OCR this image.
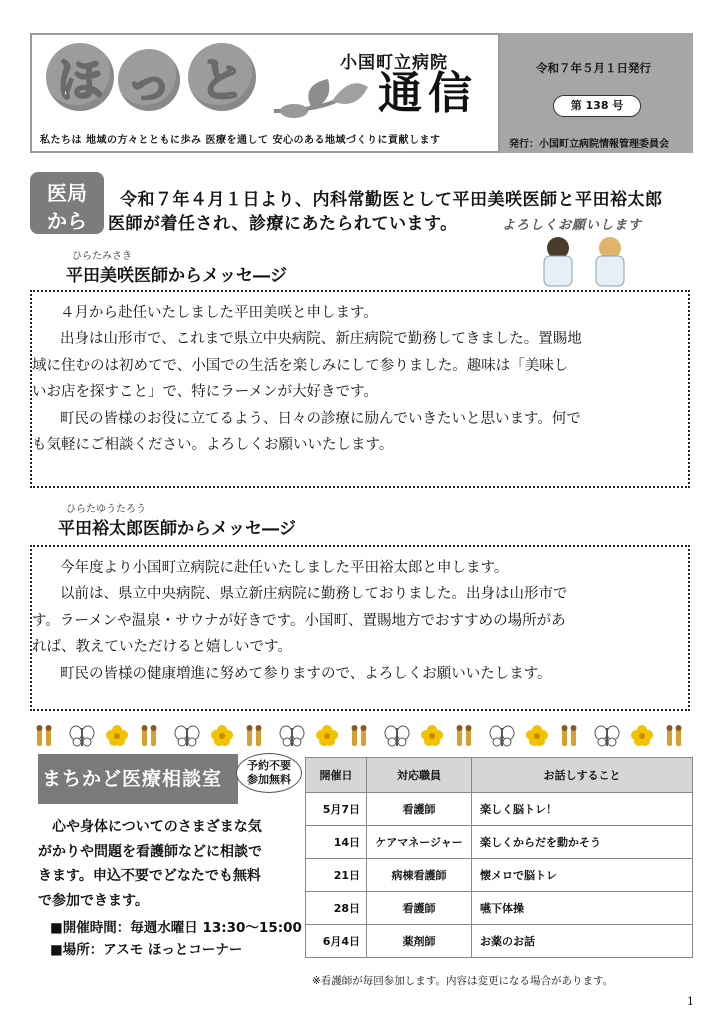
ほ っ と	小国町立病院
通信
私たちは 地域の方々とともに歩み 医療を通して 安心のある地域づくりに貢献します
令和７年５月１日発行
第 138 号
発行：小国町立病院情報管理委員会
医局
から
令和７年４月１日より、内科常勤医として平田美咲医師と平田裕太郎
医師が着任され、診療にあたられています。	よろしくお願いします
ひらたみさき
平田美咲医師からメッセ―ジ

４月から赴任いたしました平田美咲と申します。

出身は山形市で、これまで県立中央病院、新庄病院で勤務してきました。置賜地

域に住むのは初めてで、小国での生活を楽しみにして参りました。趣味は「美味し

いお店を探すこと」で、特にラーメンが大好きです。

町民の皆様のお役に立てるよう、日々の診療に励んでいきたいと思います。何で

も気軽にご相談ください。よろしくお願いいたします。

ひらたゆうたろう
平田裕太郎医師からメッセ―ジ

今年度より小国町立病院に赴任いたしました平田裕太郎と申します。

以前は、県立中央病院、県立新庄病院に勤務しておりました。出身は山形市で

す。ラーメンや温泉・サウナが好きです。小国町、置賜地方でおすすめの場所があ

れば、教えていただけると嬉しいです。

町民の皆様の健康増進に努めて参りますので、よろしくお願いいたします。

まちかど医療相談室
予約不要
参加無料
心や身体についてのさまざまな気
がかりや問題を看護師などに相談で
きます。申込不要でどなたでも無料
で参加できます。
■開催時間：毎週水曜日 13:30～15:00
■場所：アスモ ほっとコーナー
開催日	対応職員	お話しすること
5月7日	看護師	楽しく脳トレ！
14日	ケアマネージャー	楽しくからだを動かそう
21日	病棟看護師	懐メロで脳トレ
28日	看護師	嚥下体操
6月4日	薬剤師	お薬のお話
※看護師が毎回参加します。内容は変更になる場合があります。
1
